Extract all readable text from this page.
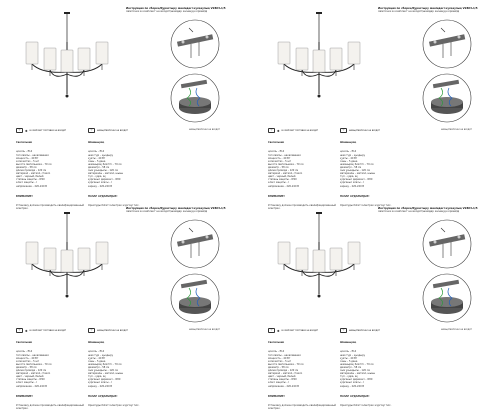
Инструкция по сборке/Құрастыру жөніндегі нұсқаулық V2863-1/5
лампочки в комплект не входят/шамдар жинаққа кірмейді
шамы/лампочки не входят
◎	✱ в комплект поставки не входят	◎	шамы/лампочки не входят

Светильник

цоколь – Е14
тип лампы – накаливания
мощность – 40 Вт
количество – 5 шт
высота светильника – 79 см
диаметр – 58 см
длина провода – 120 см
материал – металл, стекло
цвет – черный, белый
степень защиты – IP20
класс защиты – I
напряжение – 220-240 В

ВНИМАНИЕ!

Установку должен производить квалифицированный электрик.

Шамшырақ

цоколь – Е14
шам түрі – қыздыру
қуаты – 40 Вт
саны – 5 дана
шамшырақ биіктігі – 79 см
диаметрі – 58 см
сым ұзындығы – 120 см
материалы – металл, шыны
түсі – қара, ақ
қорғаныс дәрежесі – IP20
қорғаныс класы – I
кернеу – 220-240 В

НАЗАР АУДАРЫҢЫЗ!

Орнатуды білікті электрик жүргізуі тиіс.

Инструкция по сборке/Құрастыру жөніндегі нұсқаулық V2863-1/5
лампочки в комплект не входят/шамдар жинаққа кірмейді
шамы/лампочки не входят
◎	✱ в комплект поставки не входят	◎	шамы/лампочки не входят

Светильник

цоколь – Е14
тип лампы – накаливания
мощность – 40 Вт
количество – 5 шт
высота светильника – 79 см
диаметр – 58 см
длина провода – 120 см
материал – металл, стекло
цвет – черный, белый
степень защиты – IP20
класс защиты – I
напряжение – 220-240 В

ВНИМАНИЕ!

Установку должен производить квалифицированный электрик.

Шамшырақ

цоколь – Е14
шам түрі – қыздыру
қуаты – 40 Вт
саны – 5 дана
шамшырақ биіктігі – 79 см
диаметрі – 58 см
сым ұзындығы – 120 см
материалы – металл, шыны
түсі – қара, ақ
қорғаныс дәрежесі – IP20
қорғаныс класы – I
кернеу – 220-240 В

НАЗАР АУДАРЫҢЫЗ!

Орнатуды білікті электрик жүргізуі тиіс.

Инструкция по сборке/Құрастыру жөніндегі нұсқаулық V2863-1/5
лампочки в комплект не входят/шамдар жинаққа кірмейді
шамы/лампочки не входят
◎	✱ в комплект поставки не входят	◎	шамы/лампочки не входят

Светильник

цоколь – Е14
тип лампы – накаливания
мощность – 40 Вт
количество – 5 шт
высота светильника – 79 см
диаметр – 58 см
длина провода – 120 см
материал – металл, стекло
цвет – черный, белый
степень защиты – IP20
класс защиты – I
напряжение – 220-240 В

ВНИМАНИЕ!

Установку должен производить квалифицированный электрик.

Шамшырақ

цоколь – Е14
шам түрі – қыздыру
қуаты – 40 Вт
саны – 5 дана
шамшырақ биіктігі – 79 см
диаметрі – 58 см
сым ұзындығы – 120 см
материалы – металл, шыны
түсі – қара, ақ
қорғаныс дәрежесі – IP20
қорғаныс класы – I
кернеу – 220-240 В

НАЗАР АУДАРЫҢЫЗ!

Орнатуды білікті электрик жүргізуі тиіс.

Инструкция по сборке/Құрастыру жөніндегі нұсқаулық V2863-1/5
лампочки в комплект не входят/шамдар жинаққа кірмейді
шамы/лампочки не входят
◎	✱ в комплект поставки не входят	◎	шамы/лампочки не входят

Светильник

цоколь – Е14
тип лампы – накаливания
мощность – 40 Вт
количество – 5 шт
высота светильника – 79 см
диаметр – 58 см
длина провода – 120 см
материал – металл, стекло
цвет – черный, белый
степень защиты – IP20
класс защиты – I
напряжение – 220-240 В

ВНИМАНИЕ!

Установку должен производить квалифицированный электрик.

Шамшырақ

цоколь – Е14
шам түрі – қыздыру
қуаты – 40 Вт
саны – 5 дана
шамшырақ биіктігі – 79 см
диаметрі – 58 см
сым ұзындығы – 120 см
материалы – металл, шыны
түсі – қара, ақ
қорғаныс дәрежесі – IP20
қорғаныс класы – I
кернеу – 220-240 В

НАЗАР АУДАРЫҢЫЗ!

Орнатуды білікті электрик жүргізуі тиіс.
